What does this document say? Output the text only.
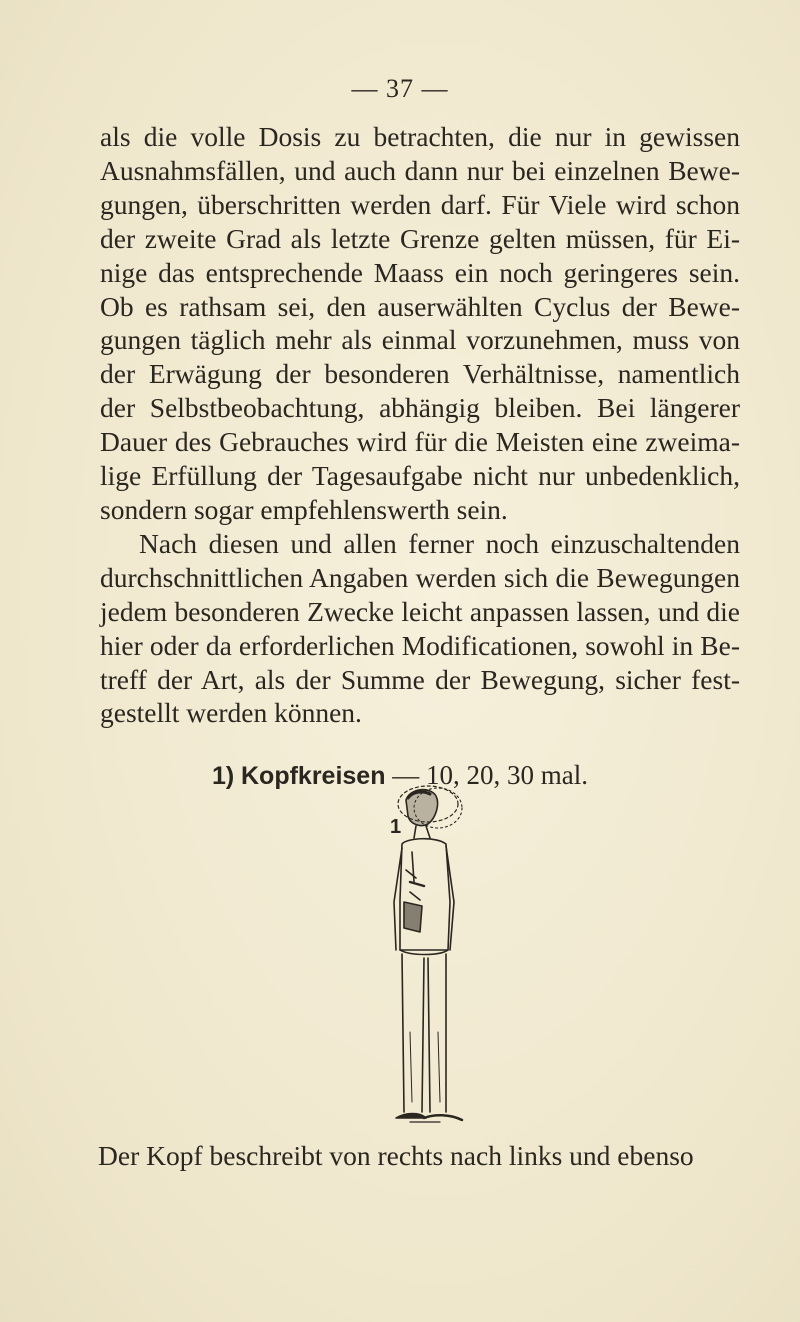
— 37 —

als die volle Dosis zu betrachten, die nur in gewissen
Ausnahmsfällen, und auch dann nur bei einzelnen Bewe-
gungen, überschritten werden darf. Für Viele wird schon
der zweite Grad als letzte Grenze gelten müssen, für Ei-
nige das entsprechende Maass ein noch geringeres sein.
Ob es rathsam sei, den auserwählten Cyclus der Bewe-
gungen täglich mehr als einmal vorzunehmen, muss von
der Erwägung der besonderen Verhältnisse, namentlich
der Selbstbeobachtung, abhängig bleiben. Bei längerer
Dauer des Gebrauches wird für die Meisten eine zweima-
lige Erfüllung der Tagesaufgabe nicht nur unbedenklich,
sondern sogar empfehlenswerth sein.

Nach diesen und allen ferner noch einzuschaltenden
durchschnittlichen Angaben werden sich die Bewegungen
jedem besonderen Zwecke leicht anpassen lassen, und die
hier oder da erforderlichen Modificationen, sowohl in Be-
treff der Art, als der Summe der Bewegung, sicher fest-
gestellt werden können.

1) Kopfkreisen — 10, 20, 30 mal.
1
Der Kopf beschreibt von rechts nach links und ebenso
